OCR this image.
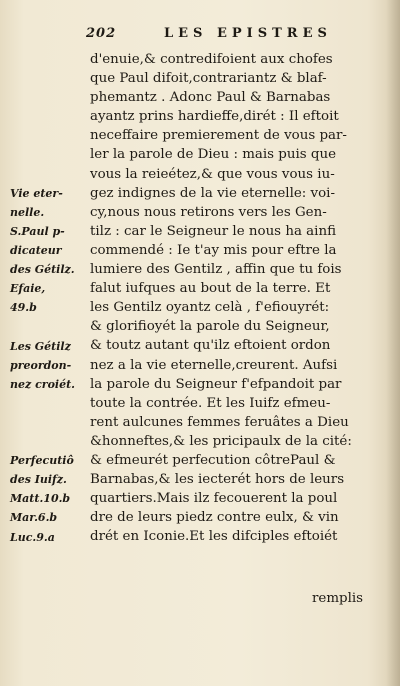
202	LES EPISTRES
Vie eter-
nelle.
S.Paul p-
dicateur
des Gétilz.
Efaie,
49.b
Les Gétilz
preordon-
nez croiét.
Perfecutiô
des Iuifz.
Matt.10.b
Mar.6.b
Luc.9.a
d'enuie,& contredifoient aux chofes
que Paul difoit,contrariantz & blaf-
phemantz . Adonc Paul & Barnabas
ayantz prins hardieffe,dirét : Il eftoit
neceffaire premierement de vous par-
ler la parole de Dieu : mais puis que
vous la reieétez,& que vous vous iu-
gez indignes de la vie eternelle: voi-
cy,nous nous retirons vers les Gen-
tilz : car le Seigneur le nous ha ainfi
commendé : Ie t'ay mis pour eftre la
lumiere des Gentilz , affin que tu fois
falut iufques au bout de la terre. Et
les Gentilz oyantz celà , f'efiouyrét:
& glorifioyét la parole du Seigneur,
& toutz autant qu'ilz eftoient ordon
nez a la vie eternelle,creurent. Aufsi
la parole du Seigneur f'efpandoit par
toute la contrée. Et les Iuifz efmeu-
rent aulcunes femmes feruâtes a Dieu
&honneftes,& les pricipaulx de la cité:
& efmeurét perfecution côtrePaul &
Barnabas,& les iecterét hors de leurs
quartiers.Mais ilz fecouerent la poul
dre de leurs piedz contre eulx, & vin
drét en Iconie.Et les difciples eftoiét
remplis
